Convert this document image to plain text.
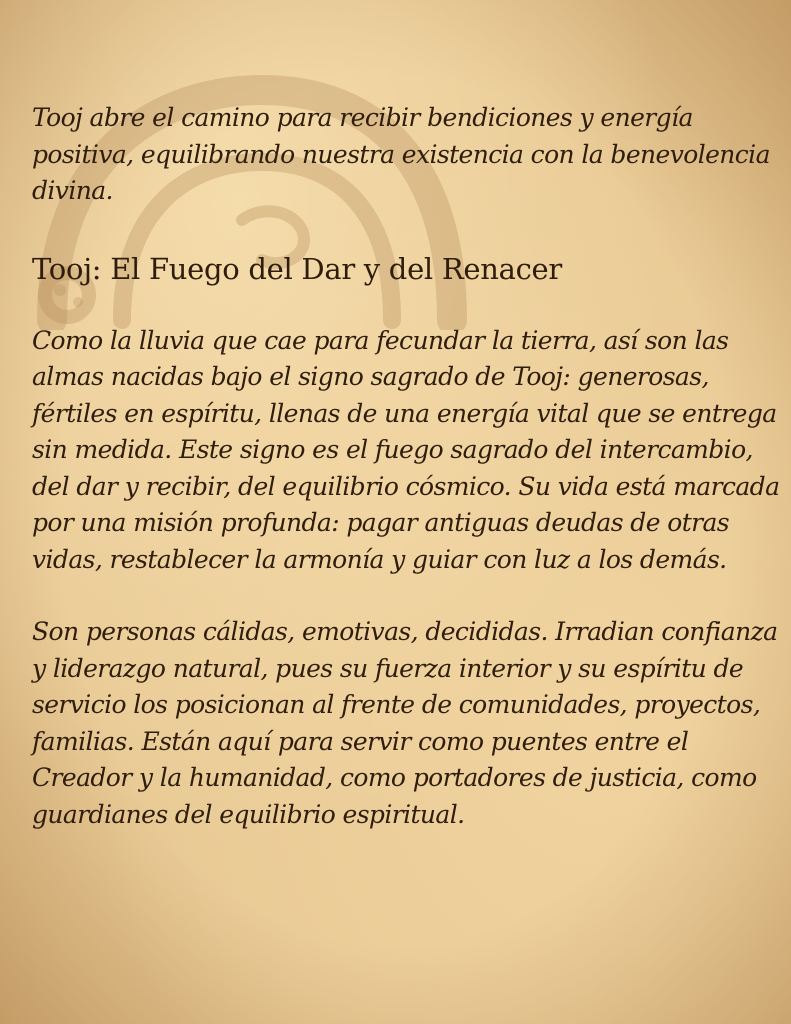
Tooj abre el camino para recibir bendiciones y energía positiva, equilibrando nuestra existencia con la benevolencia divina.

Tooj: El Fuego del Dar y del Renacer

Como la lluvia que cae para fecundar la tierra, así son las almas nacidas bajo el signo sagrado de Tooj: generosas, fértiles en espíritu, llenas de una energía vital que se entrega sin medida. Este signo es el fuego sagrado del intercambio, del dar y recibir, del equilibrio cósmico. Su vida está marcada por una misión profunda: pagar antiguas deudas de otras vidas, restablecer la armonía y guiar con luz a los demás.

Son personas cálidas, emotivas, decididas. Irradian confianza y liderazgo natural, pues su fuerza interior y su espíritu de servicio los posicionan al frente de comunidades, proyectos, familias. Están aquí para servir como puentes entre el Creador y la humanidad, como portadores de justicia, como guardianes del equilibrio espiritual.
